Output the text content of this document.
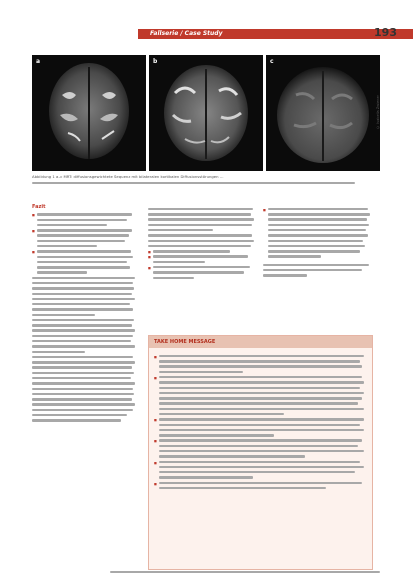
Fallserie / Case Study	193
a	b	c
© Isabella Zwiener
Abbildung 1 a–c MRT: diffusionsgewichtete Sequenz mit bilateralen kortikalen Diffusionsstörungen …
Fazit
■
■
■
■
■
■
■
TAKE HOME MESSAGE
■
■
■
■
■
■
